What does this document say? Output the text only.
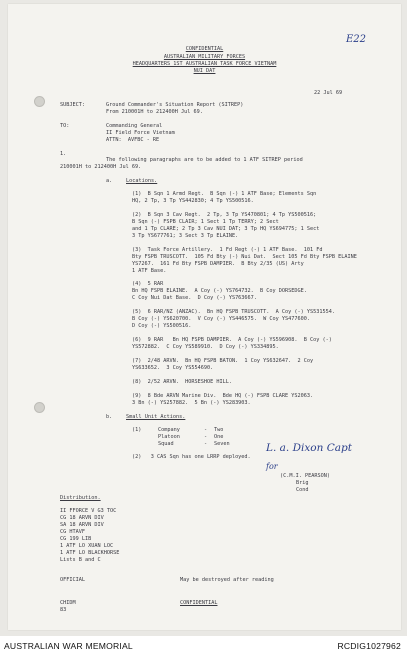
E22
CONFIDENTIAL
AUSTRALIAN MILITARY FORCES
HEADQUARTERS 1ST AUSTRALIAN TASK FORCE VIETNAM
NUI DAT
22 Jul 69
SUBJECT:	Ground Commander's Situation Report (SITREP)
From 210001H to 212400H Jul 69.
TO:	Commanding General
II Field Force Vietnam
ATTN:  AVFBC - RE
1.
The following paragraphs are to be added to 1 ATF SITREP period
210001H to 212400H Jul 69.
a.	Locations.
(1)  B Sqn 1 Armd Regt.  B Sqn (-) 1 ATF Base; Elements Sqn
HQ, 2 Tp, 3 Tp YS442830; 4 Tp YS500516.
(2)  B Sqn 3 Cav Regt.  2 Tp, 3 Tp YS470801; 4 Tp YS500516;
B Sqn (-) FSPB CLAIR; 1 Sect 1 Tp TERRY; 2 Sect
and 1 Tp CLARE; 2 Tp 3 Cav NUI DAT; 3 Tp HQ YS694775; 1 Sect
3 Tp YS677761; 3 Sect 3 Tp ELAINE.
(3)  Task Force Artillery.  1 Fd Regt (-) 1 ATF Base.  101 Fd
Bty FSPB TRUSCOTT.  105 Fd Bty (-) Nui Dat.  Sect 105 Fd Bty FSPB ELAINE
YS7267.  161 Fd Bty FSPB DAMPIER.  B Bty 2/35 (US) Arty
1 ATF Base.
(4)  5 RAR
Bn HQ FSPB ELAINE.  A Coy (-) YS764732.  B Coy DORSEDGE.
C Coy Nui Dat Base.  D Coy (-) YS763667.
(5)  6 RAR/NZ (ANZAC).  Bn HQ FSPB TRUSCOTT.  A Coy (-) YS531554.
B Coy (-) YS620700.  V Coy (-) YS446575.  W Coy YS477600.
D Coy (-) YS500516.
(6)  9 RAR   Bn HQ FSPB DAMPIER.  A Coy (-) YS596908.  B Coy (-)
YS572882.  C Coy YS589910.  D Coy (-) YS334895.
(7)  2/48 ARVN.  Bn HQ FSPB BATON.  1 Coy YS632647.  2 Coy
YS633652.  3 Coy YS554690.
(8)  2/52 ARVN.  HORSESHOE HILL.
(9)  8 Bde ARVN Marine Div.  Bde HQ (-) FSPB CLARE YS2063.
3 Bn (-) YS257882.  5 Bn (-) YS283903.
b.	Small Unit Actions.
(1)	Company	- Two
Platoon	- One
Squad	- Seven
(2)   3 CAS Sqn has one LRRP deployed.
L. a. Dixon Capt
for
(C.M.I. PEARSON)
Brig
Cond
Distribution.
II FFORCE V G3 TOC
CG 18 ARVN DIV
SA 18 ARVN DIV
CG HTAVF
CG 199 LIB
1 ATF LO XUAN LOC
1 ATF LO BLACKHORSE
Lists B and C
OFFICIAL	May be destroyed after reading
CHIDM
83
CONFIDENTIAL
AUSTRALIAN WAR MEMORIAL	RCDIG1027962
